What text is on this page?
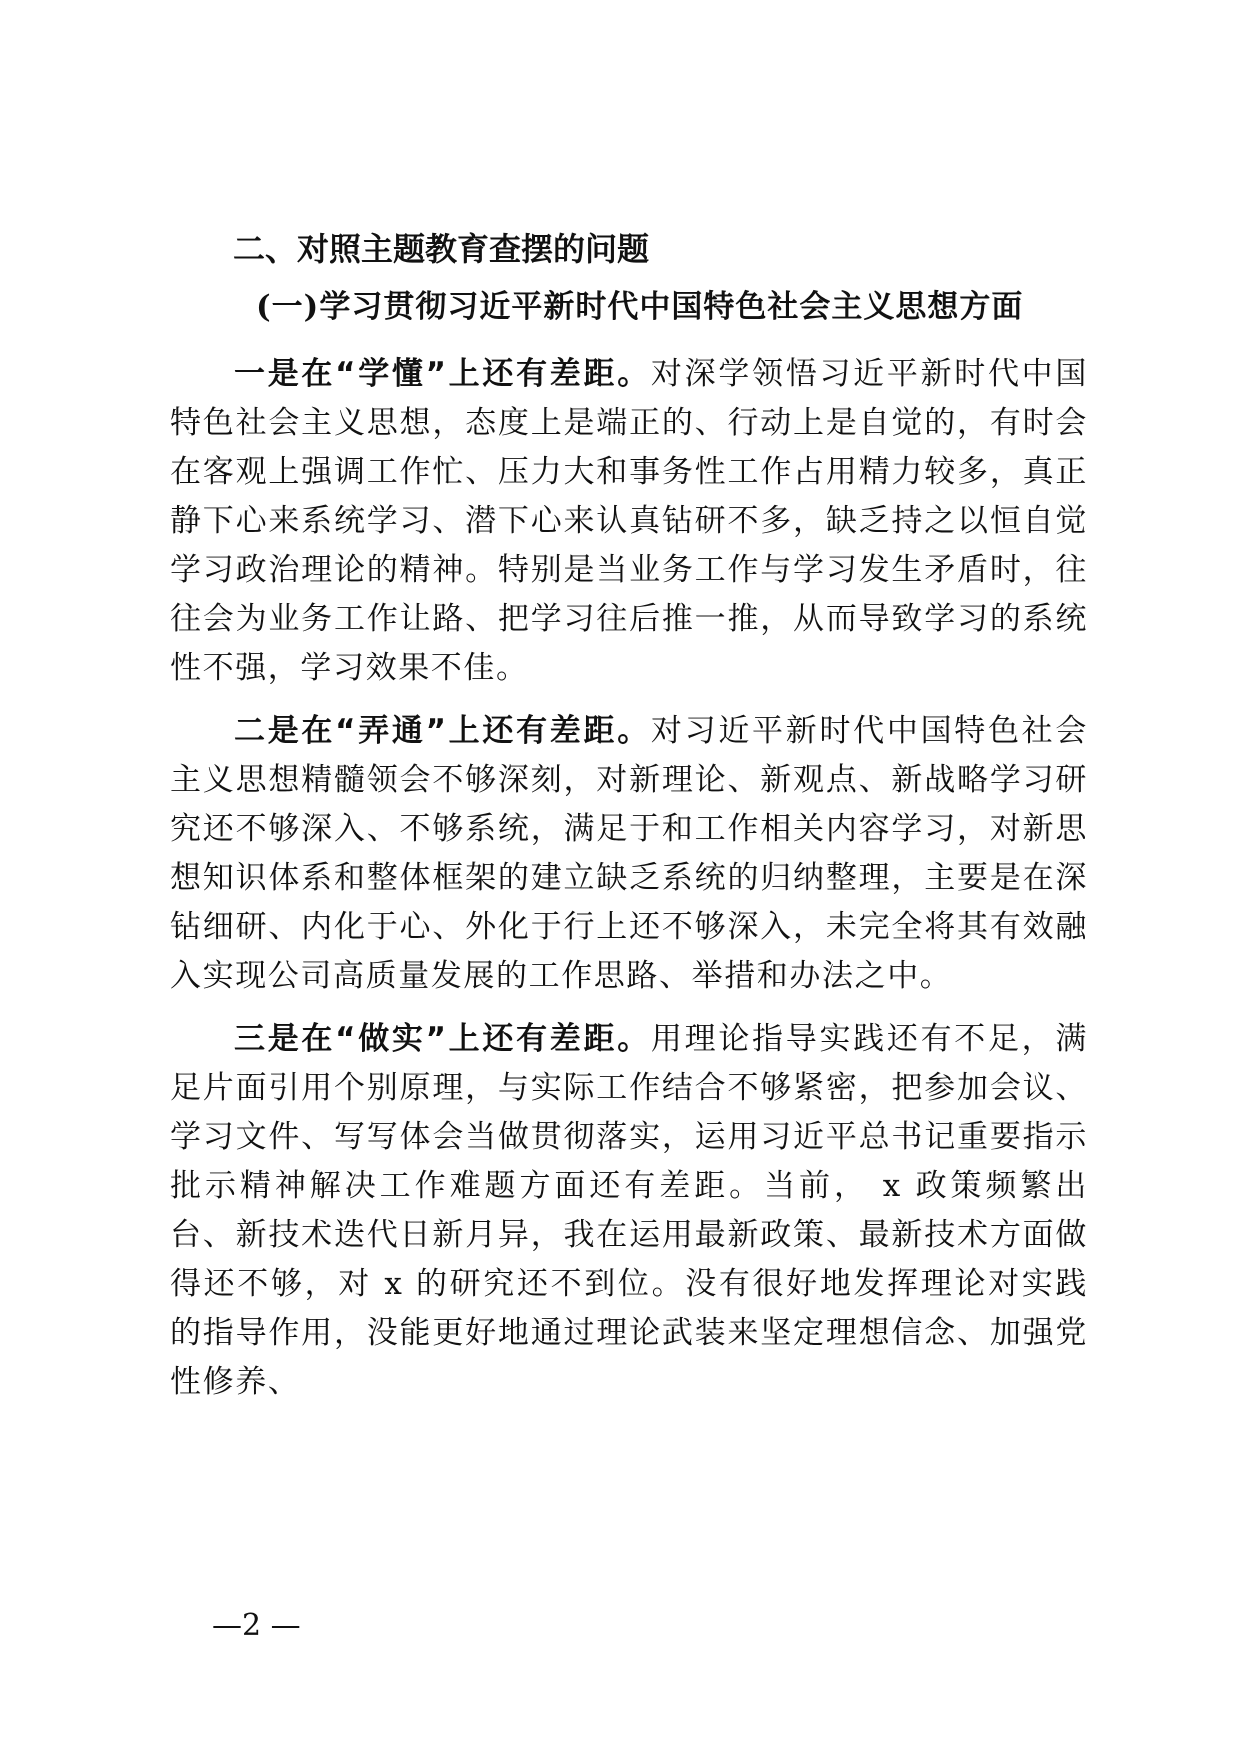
二、对照主题教育查摆的问题
(一)学习贯彻习近平新时代中国特色社会主义思想方面

一是在“学懂”上还有差距。对深学领悟习近平新时代中国特色社会主义思想，态度上是端正的、行动上是自觉的，有时会在客观上强调工作忙、压力大和事务性工作占用精力较多，真正静下心来系统学习、潜下心来认真钻研不多，缺乏持之以恒自觉学习政治理论的精神。特别是当业务工作与学习发生矛盾时，往往会为业务工作让路、把学习往后推一推，从而导致学习的系统性不强，学习效果不佳。

二是在“弄通”上还有差距。对习近平新时代中国特色社会主义思想精髓领会不够深刻，对新理论、新观点、新战略学习研究还不够深入、不够系统，满足于和工作相关内容学习，对新思想知识体系和整体框架的建立缺乏系统的归纳整理，主要是在深钻细研、内化于心、外化于行上还不够深入，未完全将其有效融入实现公司高质量发展的工作思路、举措和办法之中。

三是在“做实”上还有差距。用理论指导实践还有不足，满足片面引用个别原理，与实际工作结合不够紧密，把参加会议、学习文件、写写体会当做贯彻落实，运用习近平总书记重要指示批示精神解决工作难题方面还有差距。当前， x 政策频繁出台、新技术迭代日新月异，我在运用最新政策、最新技术方面做得还不够，对 x 的研究还不到位。没有很好地发挥理论对实践的指导作用，没能更好地通过理论武装来坚定理想信念、加强党性修养、

—2 —
